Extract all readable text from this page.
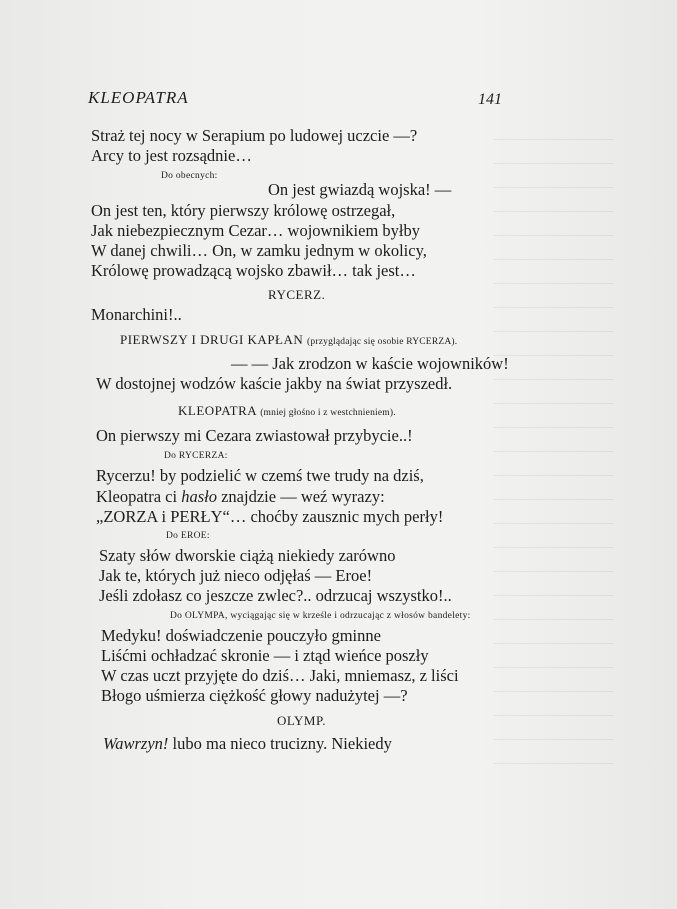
KLEOPATRA	141
Straż tej nocy w Serapium po ludowej uczcie —?
Arcy to jest rozsądnie…
Do obecnych:
On jest gwiazdą wojska! —
On jest ten, który pierwszy królowę ostrzegał,
Jak niebezpiecznym Cezar… wojownikiem byłby
W danej chwili… On, w zamku jednym w okolicy,
Królowę prowadzącą wojsko zbawił… tak jest…
RYCERZ.
Monarchini!..
PIERWSZY I DRUGI KAPŁAN (przyglądając się osobie RYCERZA).
— — Jak zrodzon w kaście wojowników!
W dostojnej wodzów kaście jakby na świat przyszedł.
KLEOPATRA (mniej głośno i z westchnieniem).
On pierwszy mi Cezara zwiastował przybycie..!
Do RYCERZA:
Rycerzu! by podzielić w czemś twe trudy na dziś,
Kleopatra ci hasło znajdzie — weź wyrazy:
„ZORZA i PERŁY“… choćby zausznic mych perły!
Do EROE:
Szaty słów dworskie ciążą niekiedy zarówno
Jak te, których już nieco odjęłaś — Eroe!
Jeśli zdołasz co jeszcze zwlec?.. odrzucaj wszystko!..
Do OLYMPA, wyciągając się w krześle i odrzucając z włosów bandelety:
Medyku! doświadczenie pouczyło gminne
Liśćmi ochładzać skronie — i ztąd wieńce poszły
W czas uczt przyjęte do dziś… Jaki, mniemasz, z liści
Błogo uśmierza ciężkość głowy nadużytej —?
OLYMP.
Wawrzyn! lubo ma nieco trucizny. Niekiedy
